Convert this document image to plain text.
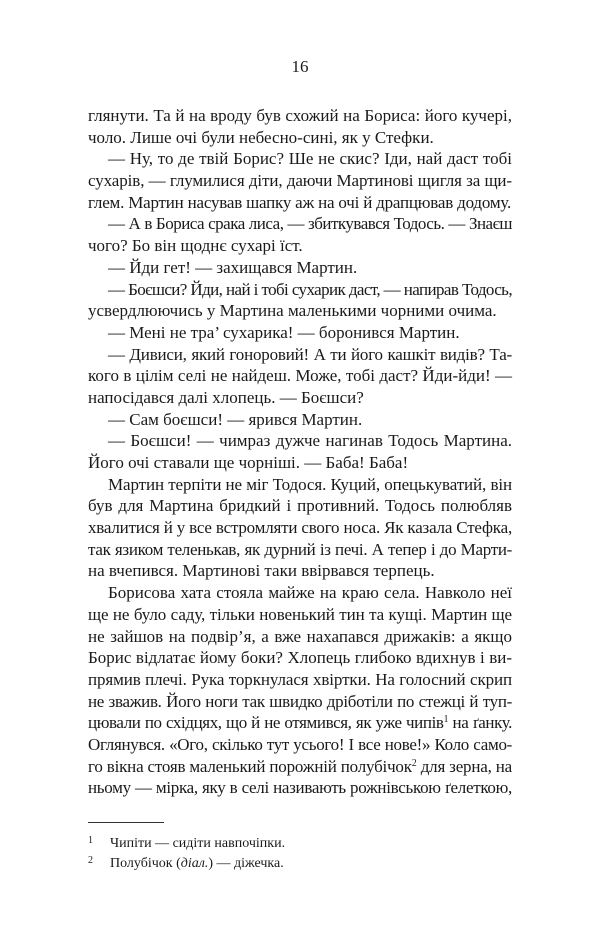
16
глянути. Та й на вроду був схожий на Бориса: його кучері,
чоло. Лише очі були небесно-сині, як у Стефки.
— Ну, то де твій Борис? Ше не скис? Іди, най даст тобі
сухарів, — глумилися діти, даючи Мартинові щигля за щи-
глем. Мартин насував шапку аж на очі й драпцював додому.
— А в Бориса срака лиса, — збиткувався Тодось. — Знаєш
чого? Бо він щоднє сухарі їст.
— Йди гет! — захищався Мартин.
— Боєшси? Йди, най і тобі сухарик даст, — напирав Тодось,
усвердлюючись у Мартина маленькими чорними очима.
— Мені не тра’ сухарика! — боронився Мартин.
— Дивиси, який гоноровий! А ти його кашкіт видів? Та-
кого в цілім селі не найдеш. Може, тобі даст? Йди-йди! —
напосідався далі хлопець. — Боєшси?
— Сам боєшси! — ярився Мартин.
— Боєшси! — чимраз дужче нагинав Тодось Мартина.
Його очі ставали ще чорніші. — Баба! Баба!
Мартин терпіти не міг Тодося. Куций, опецькуватий, він
був для Мартина бридкий і противний. Тодось полюбляв
хвалитися й у все встромляти свого носа. Як казала Стефка,
так язиком теленькав, як дурний із печі. А тепер і до Марти-
на вчепився. Мартинові таки ввірвався терпець.
Борисова хата стояла майже на краю села. Навколо неї
ще не було саду, тільки новенький тин та кущі. Мартин ще
не зайшов на подвір’я, а вже нахапався дрижаків: а якщо
Борис відлатає йому боки? Хлопець глибоко вдихнув і ви-
прямив плечі. Рука торкнулася хвіртки. На голосний скрип
не зважив. Його ноги так швидко дріботіли по стежці й туп-
цювали по східцях, що й не отямився, як уже чипів$^1$ на ґанку.
Оглянувся. «Ого, скілько тут усього! І все нове!» Коло само-
го вікна стояв маленький порожній полубічок$^2$ для зерна, на
ньому — мірка, яку в селі називають рожнівською ґелеткою,
1 Чипіти — сидіти навпочіпки.
2 Полубічок (діал.) — діжечка.
